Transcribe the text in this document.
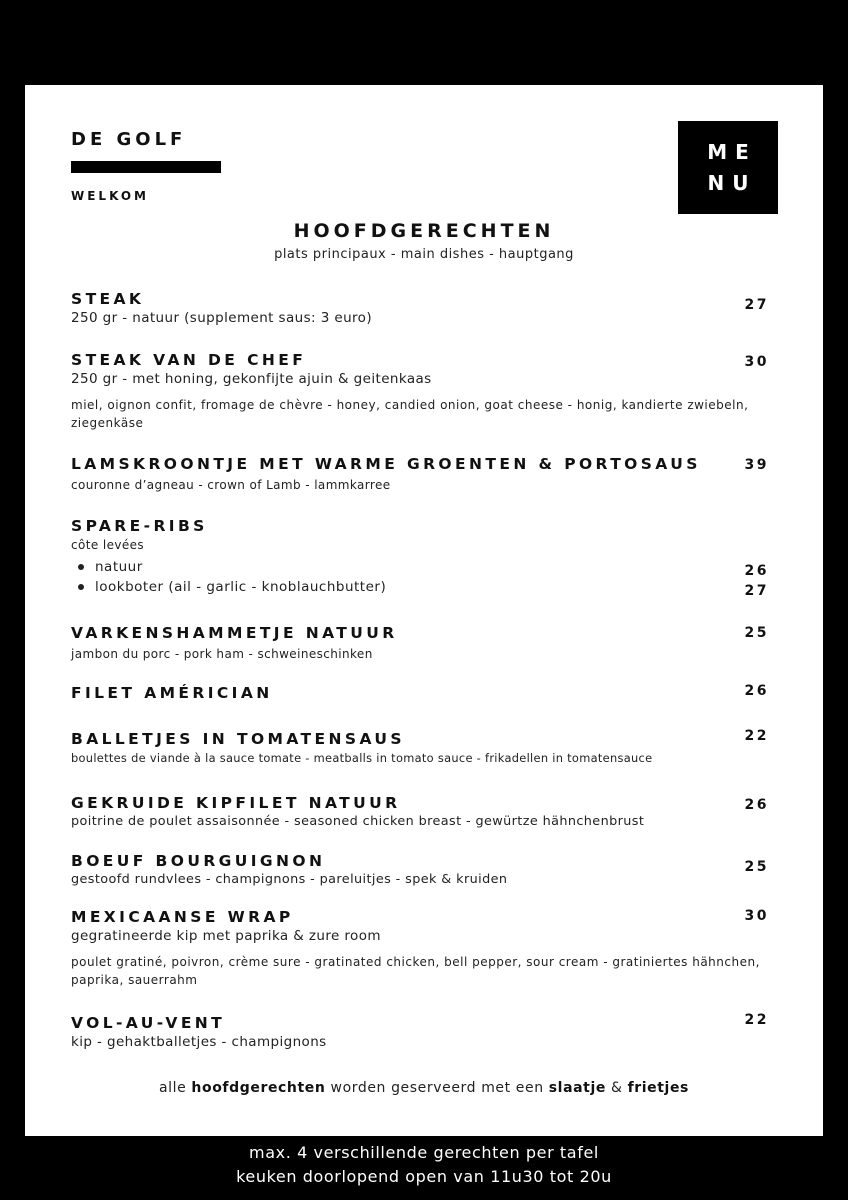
DE GOLF
WELKOM
ME
NU
HOOFDGERECHTEN
plats principaux - main dishes - hauptgang
STEAK
250 gr - natuur (supplement saus: 3 euro)
27
STEAK VAN DE CHEF
250 gr - met honing, gekonfijte ajuin & geitenkaas
miel, oignon confit, fromage de chèvre - honey, candied onion, goat cheese - honig, kandierte zwiebeln, ziegenkäse
30
LAMSKROONTJE MET WARME GROENTEN & PORTOSAUS
couronne d’agneau - crown of Lamb - lammkarree
39
SPARE-RIBS
côte levées
natuur
lookboter (ail - garlic - knoblauchbutter)
26
27
VARKENSHAMMETJE NATUUR
jambon du porc - pork ham - schweineschinken
25
FILET AMÉRICIAN	26
BALLETJES IN TOMATENSAUS
boulettes de viande à la sauce tomate - meatballs in tomato sauce - frikadellen in tomatensauce
22
GEKRUIDE KIPFILET NATUUR
poitrine de poulet assaisonnée - seasoned chicken breast - gewürtze hähnchenbrust
26
BOEUF BOURGUIGNON
gestoofd rundvlees - champignons - pareluitjes - spek & kruiden
25
MEXICAANSE WRAP
gegratineerde kip met paprika & zure room
poulet gratiné, poivron, crème sure - gratinated chicken, bell pepper, sour cream - gratiniertes hähnchen, paprika, sauerrahm
30
VOL-AU-VENT
kip - gehaktballetjes - champignons
22
alle hoofdgerechten worden geserveerd met een slaatje & frietjes
max. 4 verschillende gerechten per tafel
keuken doorlopend open van 11u30 tot 20u
